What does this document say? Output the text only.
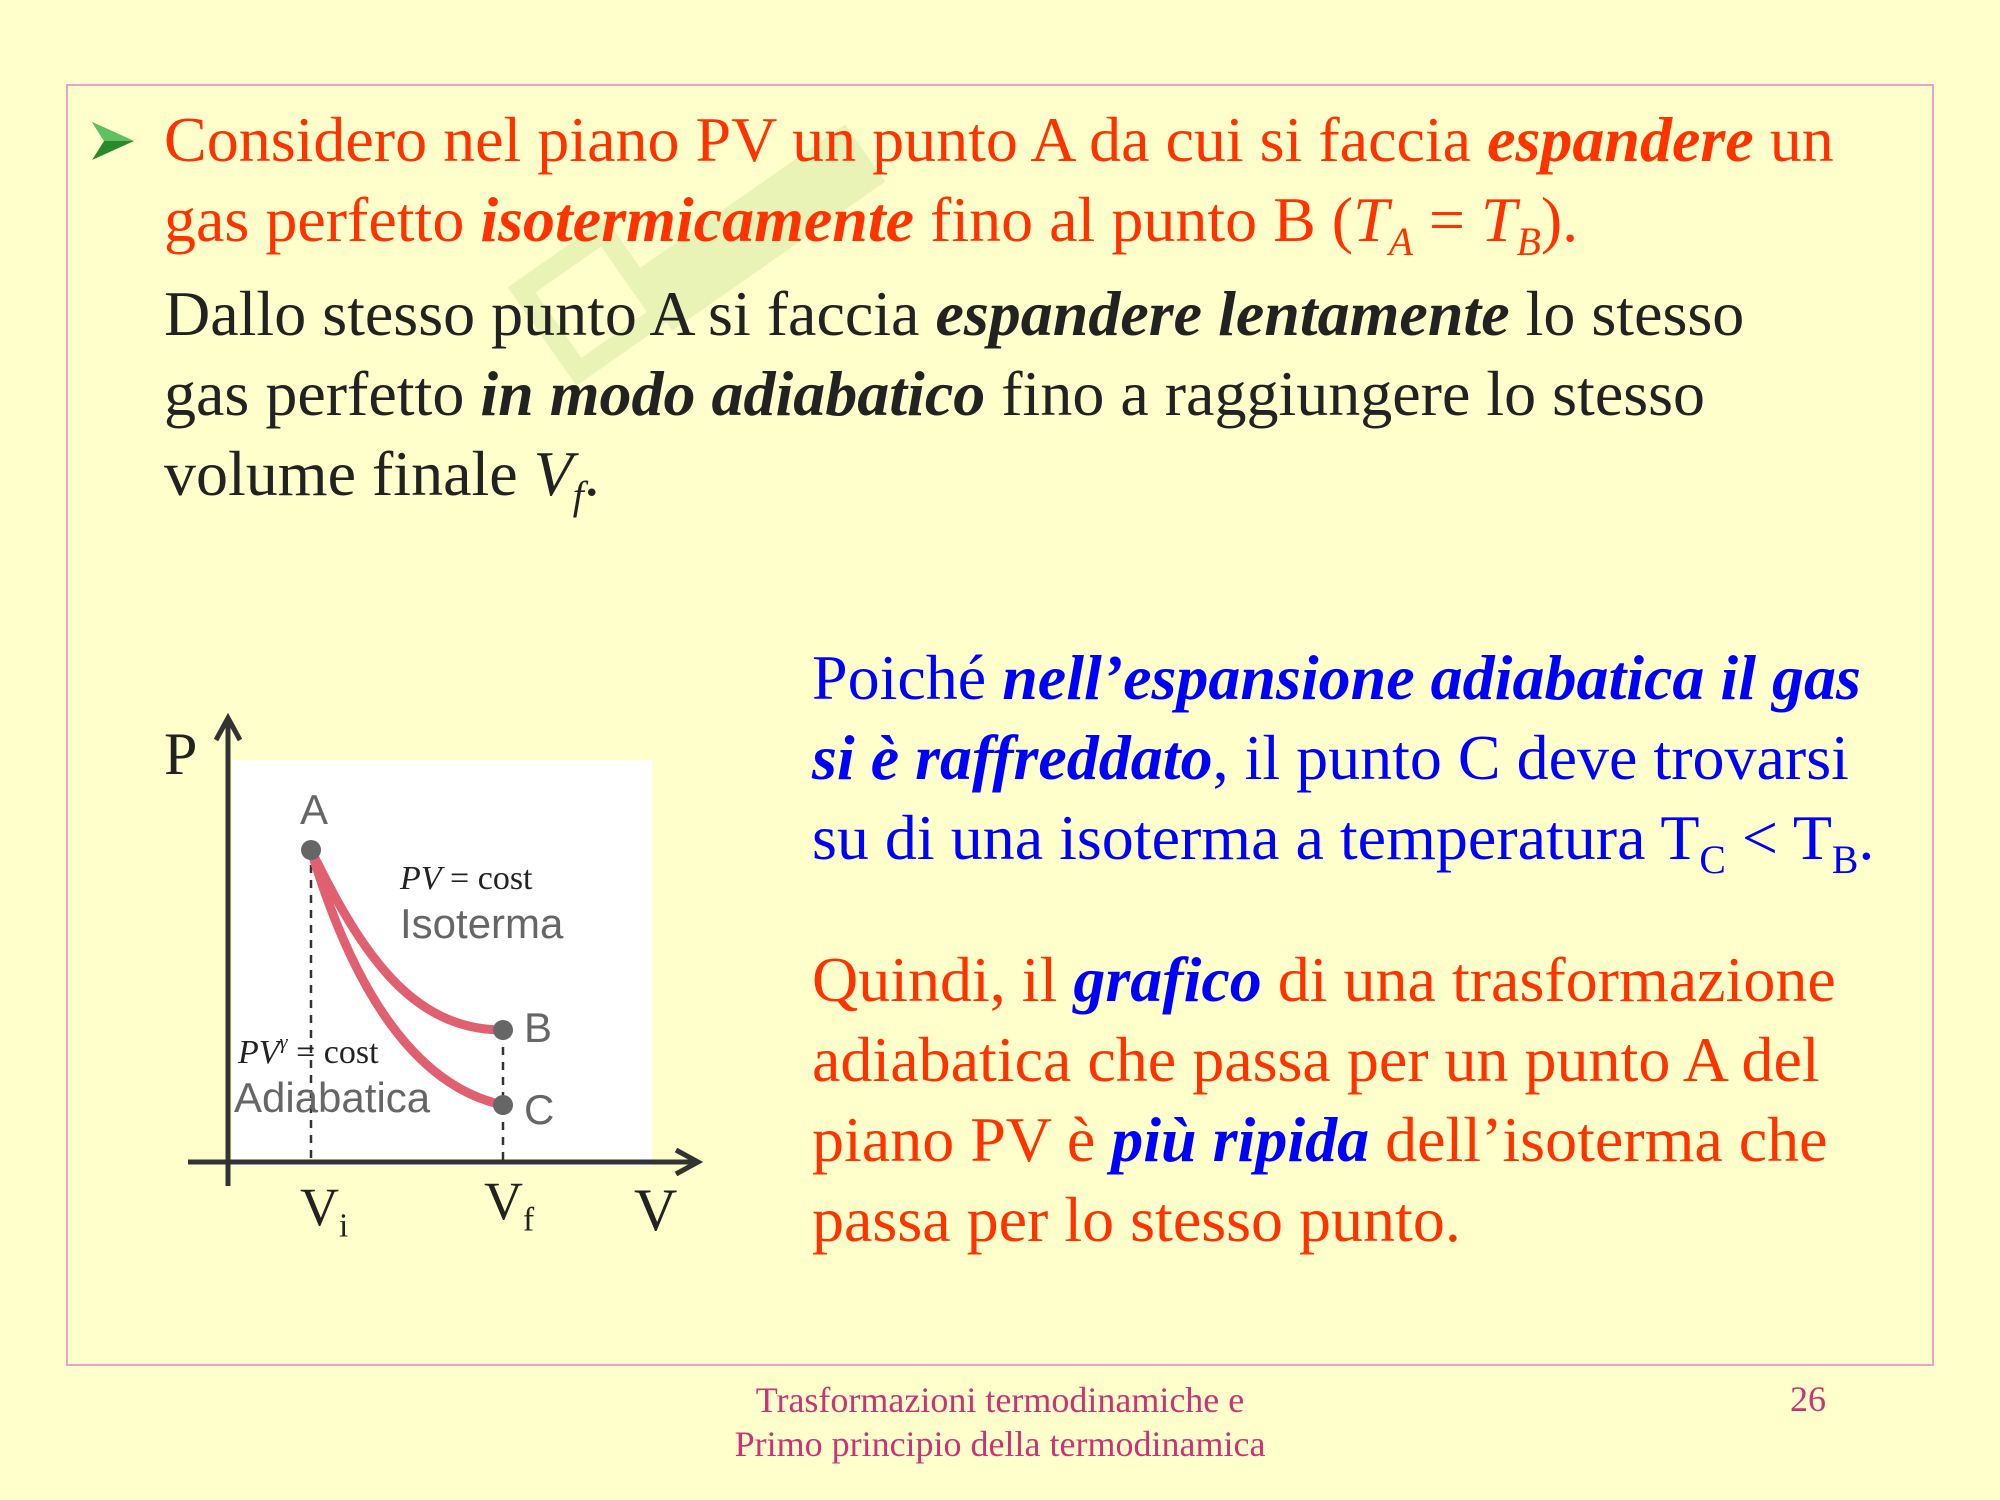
Considero nel piano PV un punto A da cui si faccia espandere un
gas perfetto isotermicamente fino al punto B $(T_A = T_B)$.
Dallo stesso punto A si faccia espandere lentamente lo stesso
gas perfetto in modo adiabatico fino a raggiungere lo stesso
volume finale $V_f$.
Poiché nell’espansione adiabatica il gas
si è raffreddato, il punto C deve trovarsi
su di una isoterma a temperatura $T_C < T_B$.
Quindi, il grafico di una trasformazione
adiabatica che passa per un punto A del
piano PV è più ripida dell’isoterma che
passa per lo stesso punto.
P
V
A
B
C
PV = cost
Isoterma
$PV^\gamma = \cos t$
Adiabatica
$V_i$	$V_f$
Trasformazioni termodinamiche e
Primo principio della termodinamica
26
